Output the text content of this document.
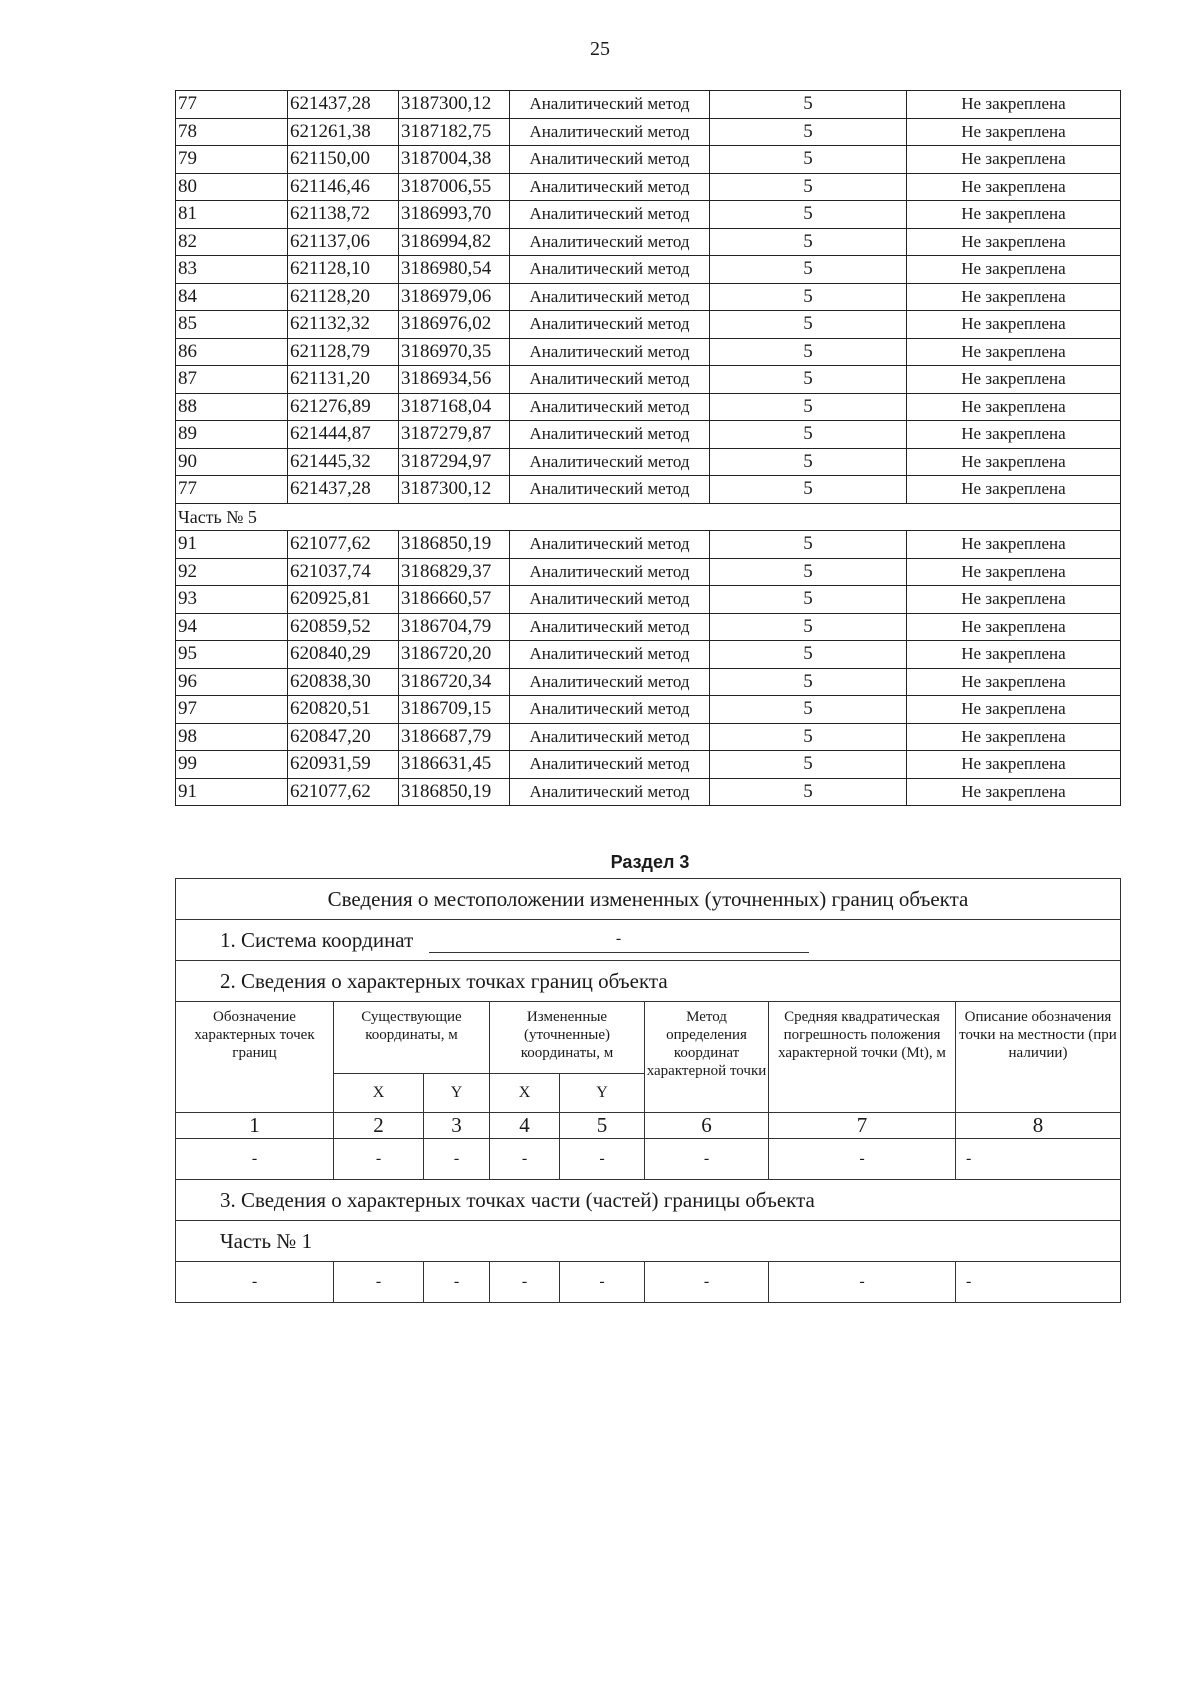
25
77	621437,28	3187300,12	Аналитический метод	5	Не закреплена
78	621261,38	3187182,75	Аналитический метод	5	Не закреплена
79	621150,00	3187004,38	Аналитический метод	5	Не закреплена
80	621146,46	3187006,55	Аналитический метод	5	Не закреплена
81	621138,72	3186993,70	Аналитический метод	5	Не закреплена
82	621137,06	3186994,82	Аналитический метод	5	Не закреплена
83	621128,10	3186980,54	Аналитический метод	5	Не закреплена
84	621128,20	3186979,06	Аналитический метод	5	Не закреплена
85	621132,32	3186976,02	Аналитический метод	5	Не закреплена
86	621128,79	3186970,35	Аналитический метод	5	Не закреплена
87	621131,20	3186934,56	Аналитический метод	5	Не закреплена
88	621276,89	3187168,04	Аналитический метод	5	Не закреплена
89	621444,87	3187279,87	Аналитический метод	5	Не закреплена
90	621445,32	3187294,97	Аналитический метод	5	Не закреплена
77	621437,28	3187300,12	Аналитический метод	5	Не закреплена
Часть № 5					
91	621077,62	3186850,19	Аналитический метод	5	Не закреплена
92	621037,74	3186829,37	Аналитический метод	5	Не закреплена
93	620925,81	3186660,57	Аналитический метод	5	Не закреплена
94	620859,52	3186704,79	Аналитический метод	5	Не закреплена
95	620840,29	3186720,20	Аналитический метод	5	Не закреплена
96	620838,30	3186720,34	Аналитический метод	5	Не закреплена
97	620820,51	3186709,15	Аналитический метод	5	Не закреплена
98	620847,20	3186687,79	Аналитический метод	5	Не закреплена
99	620931,59	3186631,45	Аналитический метод	5	Не закреплена
91	621077,62	3186850,19	Аналитический метод	5	Не закреплена
Раздел 3
Сведения о местоположении измененных (уточненных) границ объекта							
1. Система координат -							
2. Сведения о характерных точках границ объекта							
Обозначение характерных точек границ	Существующие координаты, м		Измененные (уточненные) координаты, м		Метод определения координат характерной точки	Средняя квадратическая погрешность положения характерной точки (Mt), м	Описание обозначения точки на местности (при наличии)
	X	Y	X	Y			
1	2	3	4	5	6	7	8
-	-	-	-	-	-	-	-
3. Сведения о характерных точках части (частей) границы объекта							
Часть № 1							
-	-	-	-	-	-	-	-
